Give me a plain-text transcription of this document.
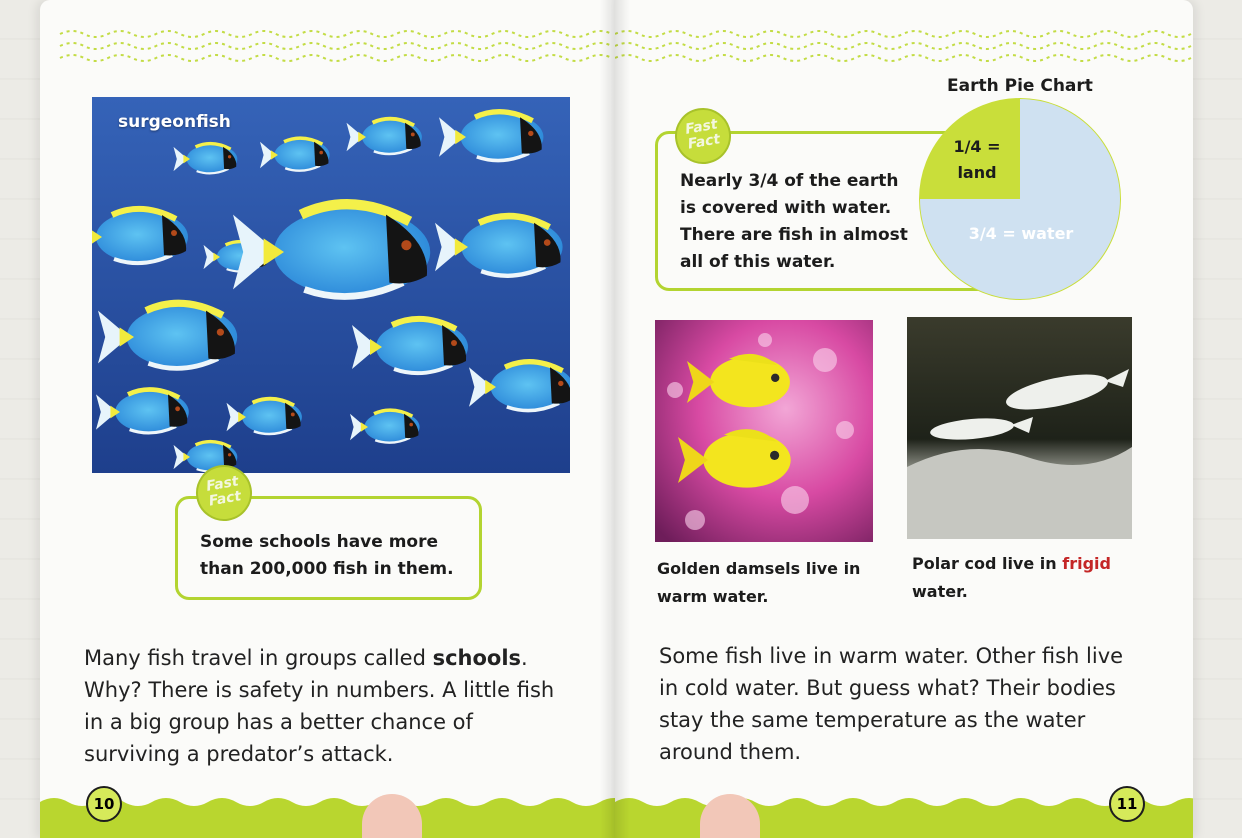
surgeonfish
Some schools have more than 200,000 fish in them.
Fast Fact
Many fish travel in groups called schools. Why? There is safety in numbers. A little fish in a big group has a better chance of surviving a predator’s attack.
10
Nearly 3/4 of the earth is covered with water. There are fish in almost all of this water.
Fast Fact
Earth Pie Chart
1/4 =
land
3/4 = water
Golden damsels live in warm water.
Polar cod live in frigid water.
Some fish live in warm water. Other fish live in cold water. But guess what? Their bodies stay the same temperature as the water around them.
11
